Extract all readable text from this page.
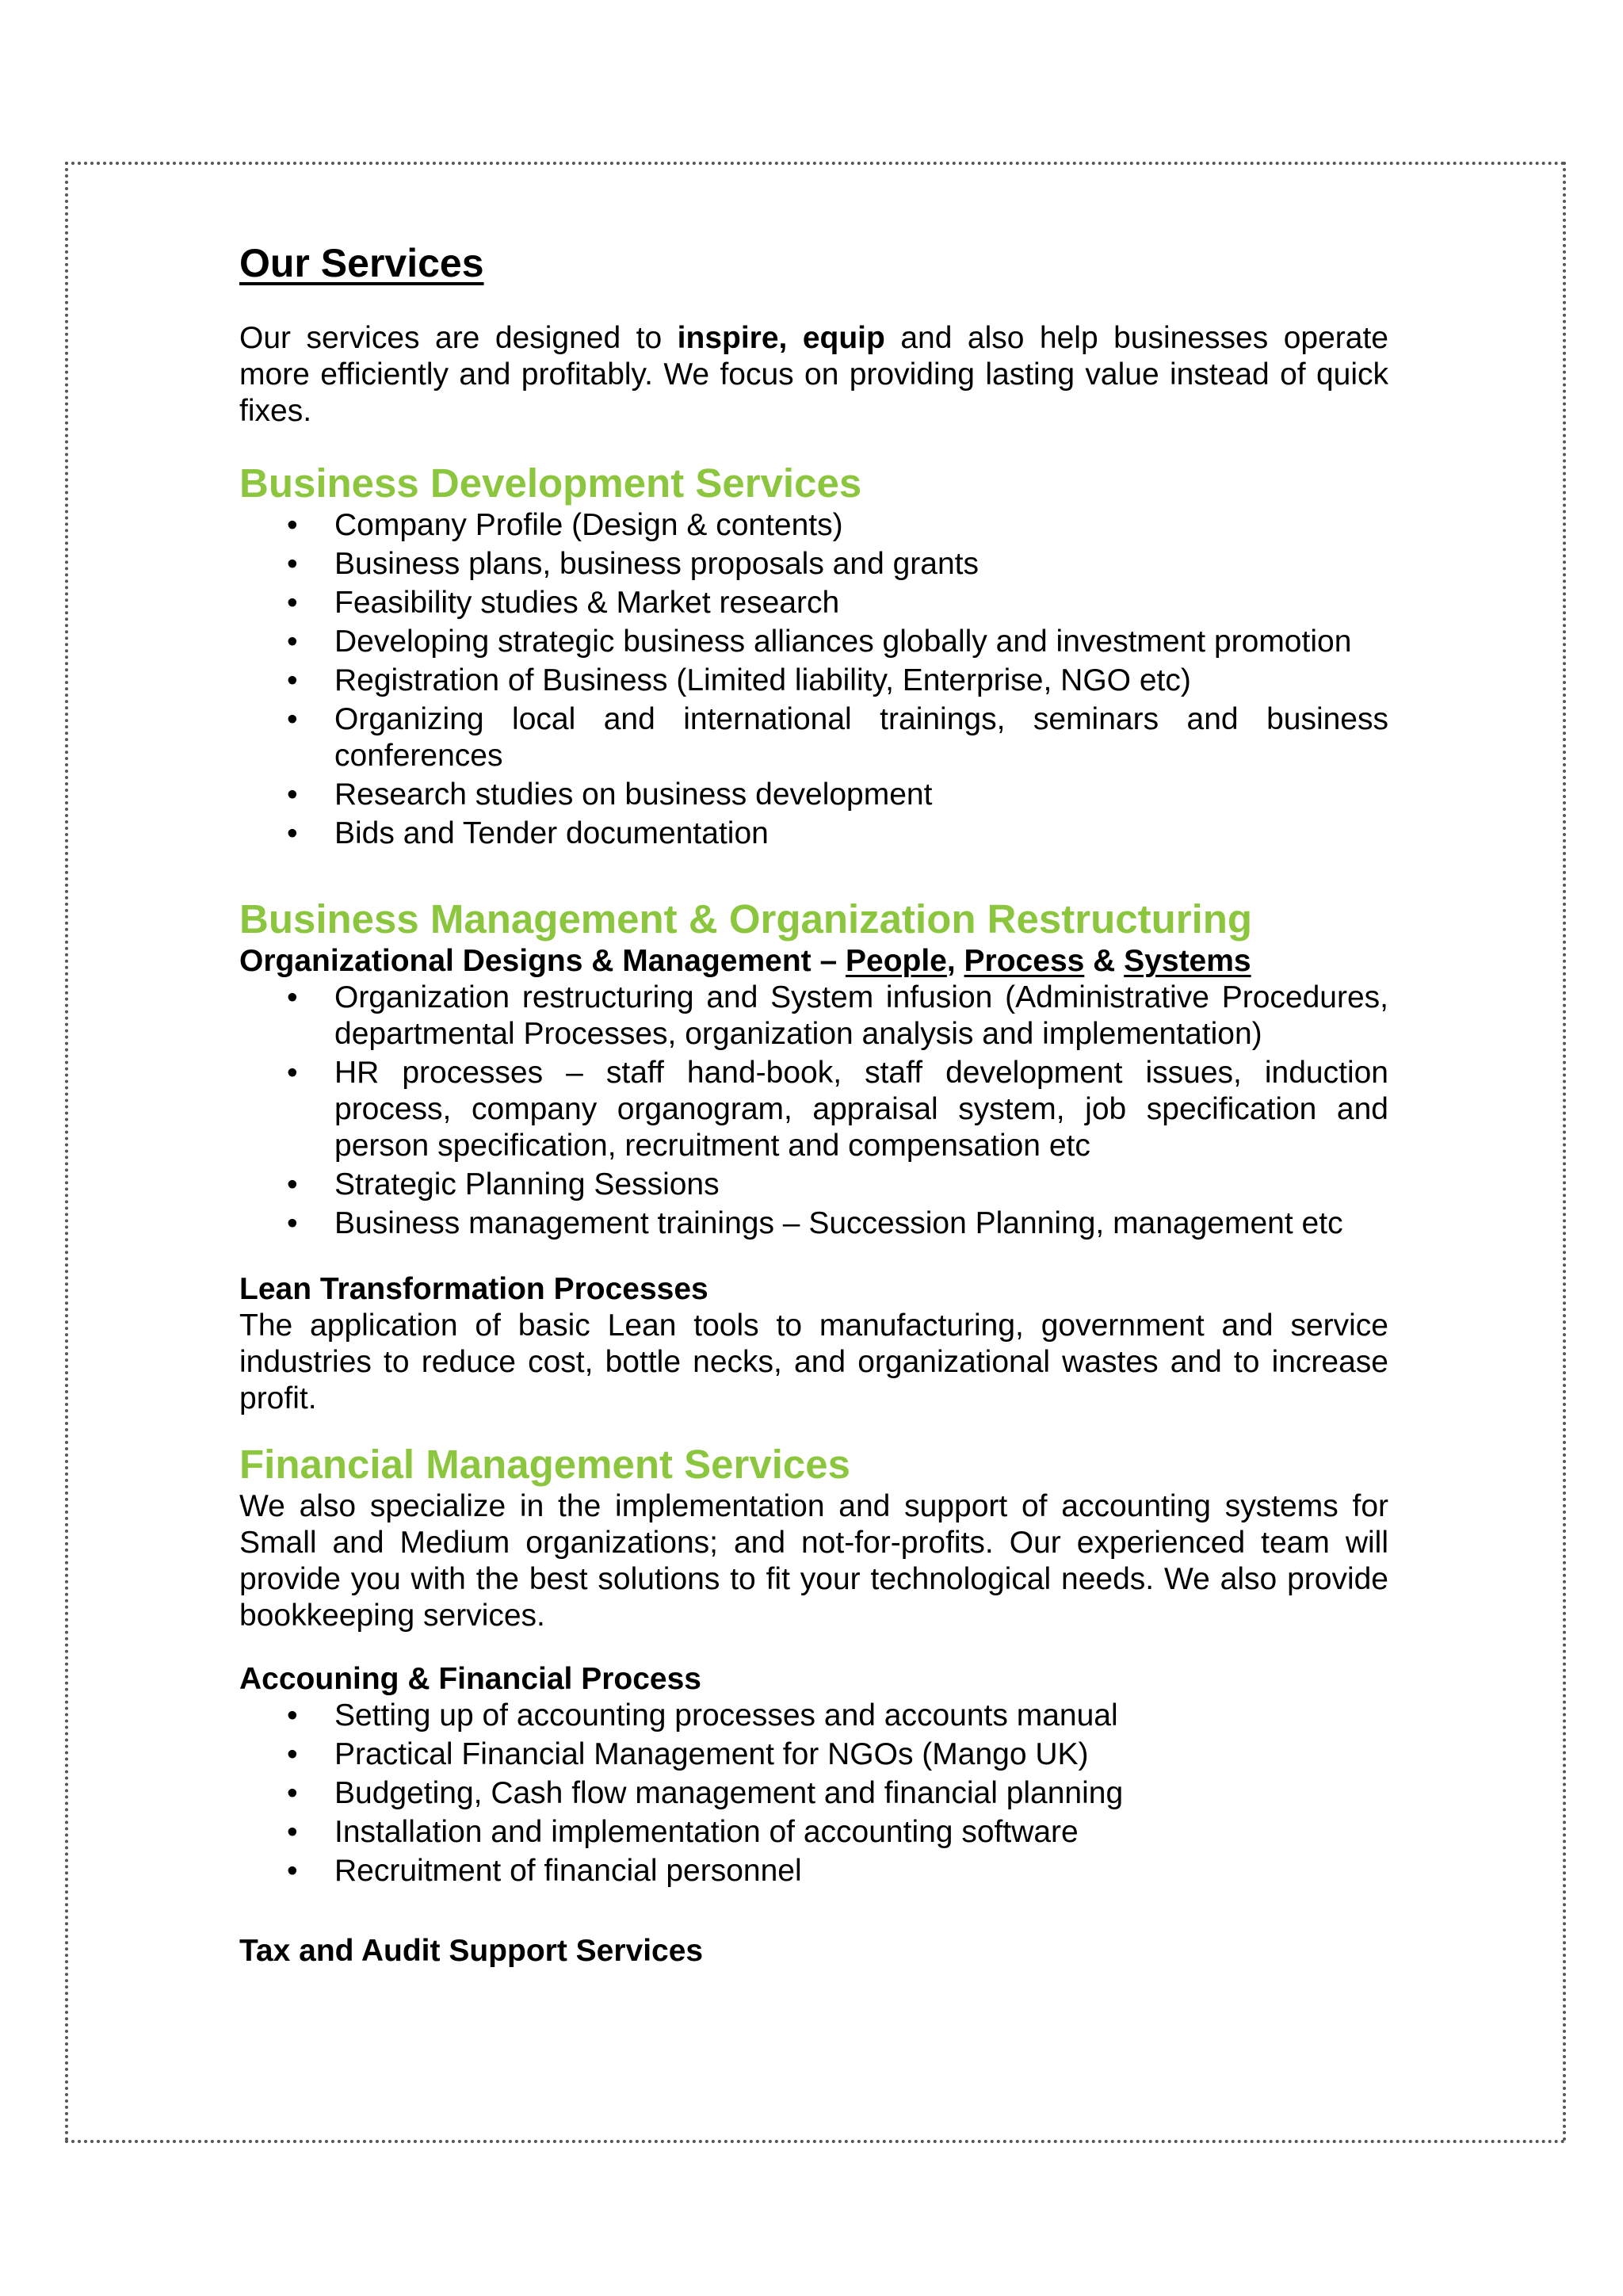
Our Services

Our services are designed to inspire, equip and also help businesses operate more efficiently and profitably. We focus on providing lasting value instead of quick fixes.

Business Development Services
• Company Profile (Design & contents)
• Business plans, business proposals and grants
• Feasibility studies & Market research
• Developing strategic business alliances globally and investment promotion
• Registration of Business (Limited liability, Enterprise, NGO etc)
• Organizing local and international trainings, seminars and business conferences
• Research studies on business development
• Bids and Tender documentation
Business Management & Organization Restructuring

Organizational Designs & Management – People, Process & Systems

• Organization restructuring and System infusion (Administrative Procedures, departmental Processes, organization analysis and implementation)
• HR processes – staff hand-book, staff development issues, induction process, company organogram, appraisal system, job specification and person specification, recruitment and compensation etc
• Strategic Planning Sessions
• Business management trainings – Succession Planning, management etc

Lean Transformation Processes

The application of basic Lean tools to manufacturing, government and service industries to reduce cost, bottle necks, and organizational wastes and to increase profit.

Financial Management Services

We also specialize in the implementation and support of accounting systems for Small and Medium organizations; and not-for-profits. Our experienced team will provide you with the best solutions to fit your technological needs. We also provide bookkeeping services.

Accouning & Financial Process

• Setting up of accounting processes and accounts manual
• Practical Financial Management for NGOs (Mango UK)
• Budgeting, Cash flow management and financial planning
• Installation and implementation of accounting software
• Recruitment of financial personnel

Tax and Audit Support Services
